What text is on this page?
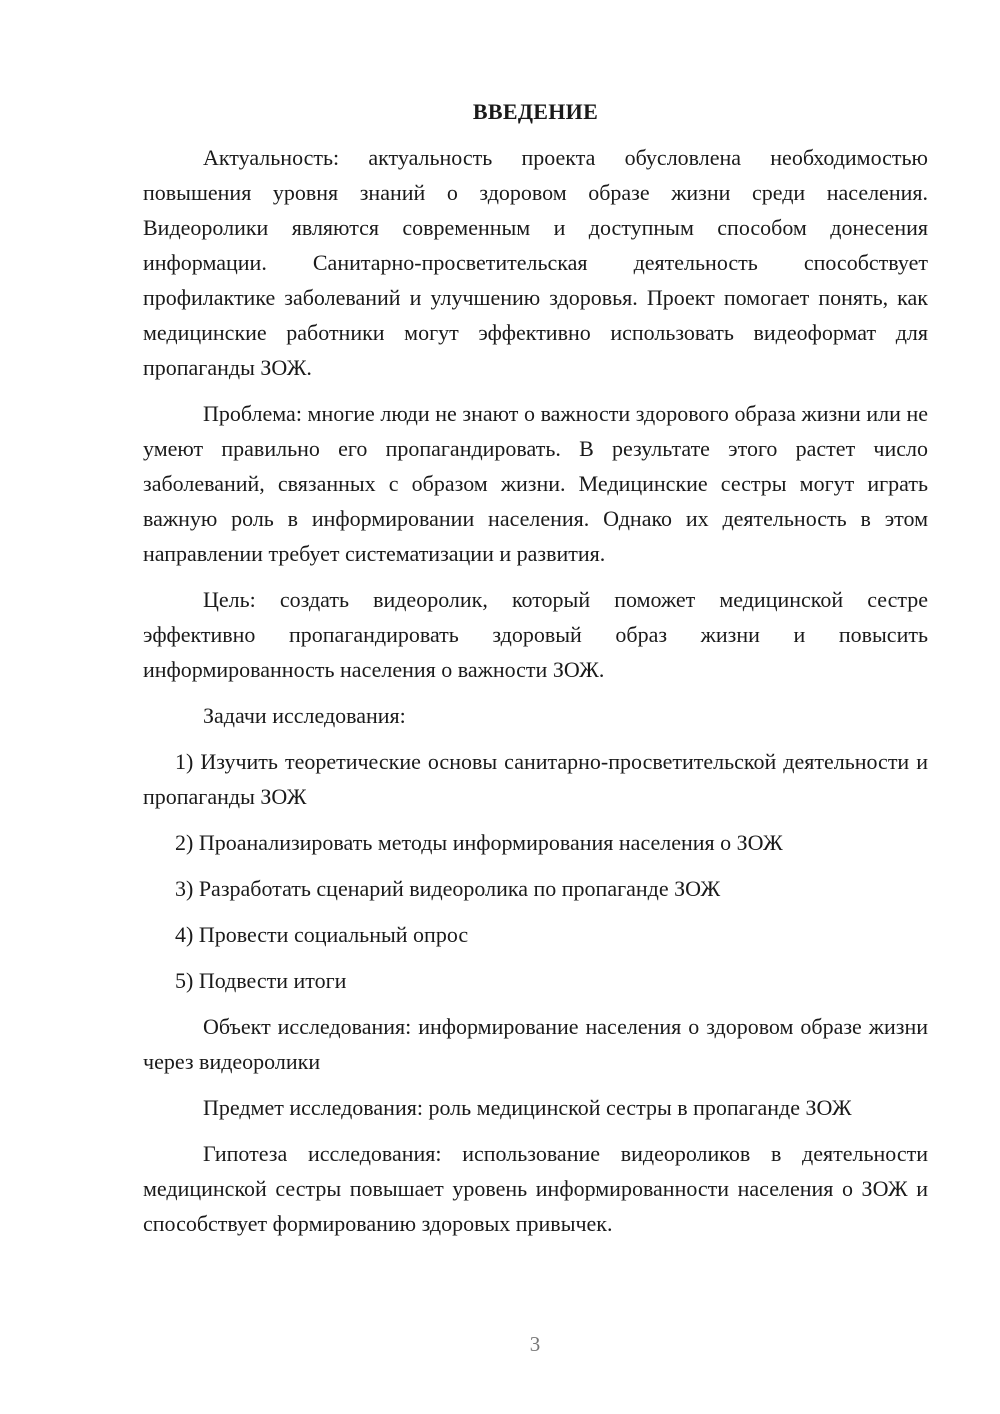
ВВЕДЕНИЕ

Актуальность: актуальность проекта обусловлена необходимостью повышения уровня знаний о здоровом образе жизни среди населения. Видеоролики являются современным и доступным способом донесения информации. Санитарно-просветительская деятельность способствует профилактике заболеваний и улучшению здоровья. Проект помогает понять, как медицинские работники могут эффективно использовать видеоформат для пропаганды ЗОЖ.

Проблема: многие люди не знают о важности здорового образа жизни или не умеют правильно его пропагандировать. В результате этого растет число заболеваний, связанных с образом жизни. Медицинские сестры могут играть важную роль в информировании населения. Однако их деятельность в этом направлении требует систематизации и развития.

Цель: создать видеоролик, который поможет медицинской сестре эффективно пропагандировать здоровый образ жизни и повысить информированность населения о важности ЗОЖ.

Задачи исследования:

1) Изучить теоретические основы санитарно-просветительской деятельности и пропаганды ЗОЖ

2) Проанализировать методы информирования населения о ЗОЖ

3) Разработать сценарий видеоролика по пропаганде ЗОЖ

4) Провести социальный опрос

5) Подвести итоги

Объект исследования: информирование населения о здоровом образе жизни через видеоролики

Предмет исследования: роль медицинской сестры в пропаганде ЗОЖ

Гипотеза исследования: использование видеороликов в деятельности медицинской сестры повышает уровень информированности населения о ЗОЖ и способствует формированию здоровых привычек.

3
